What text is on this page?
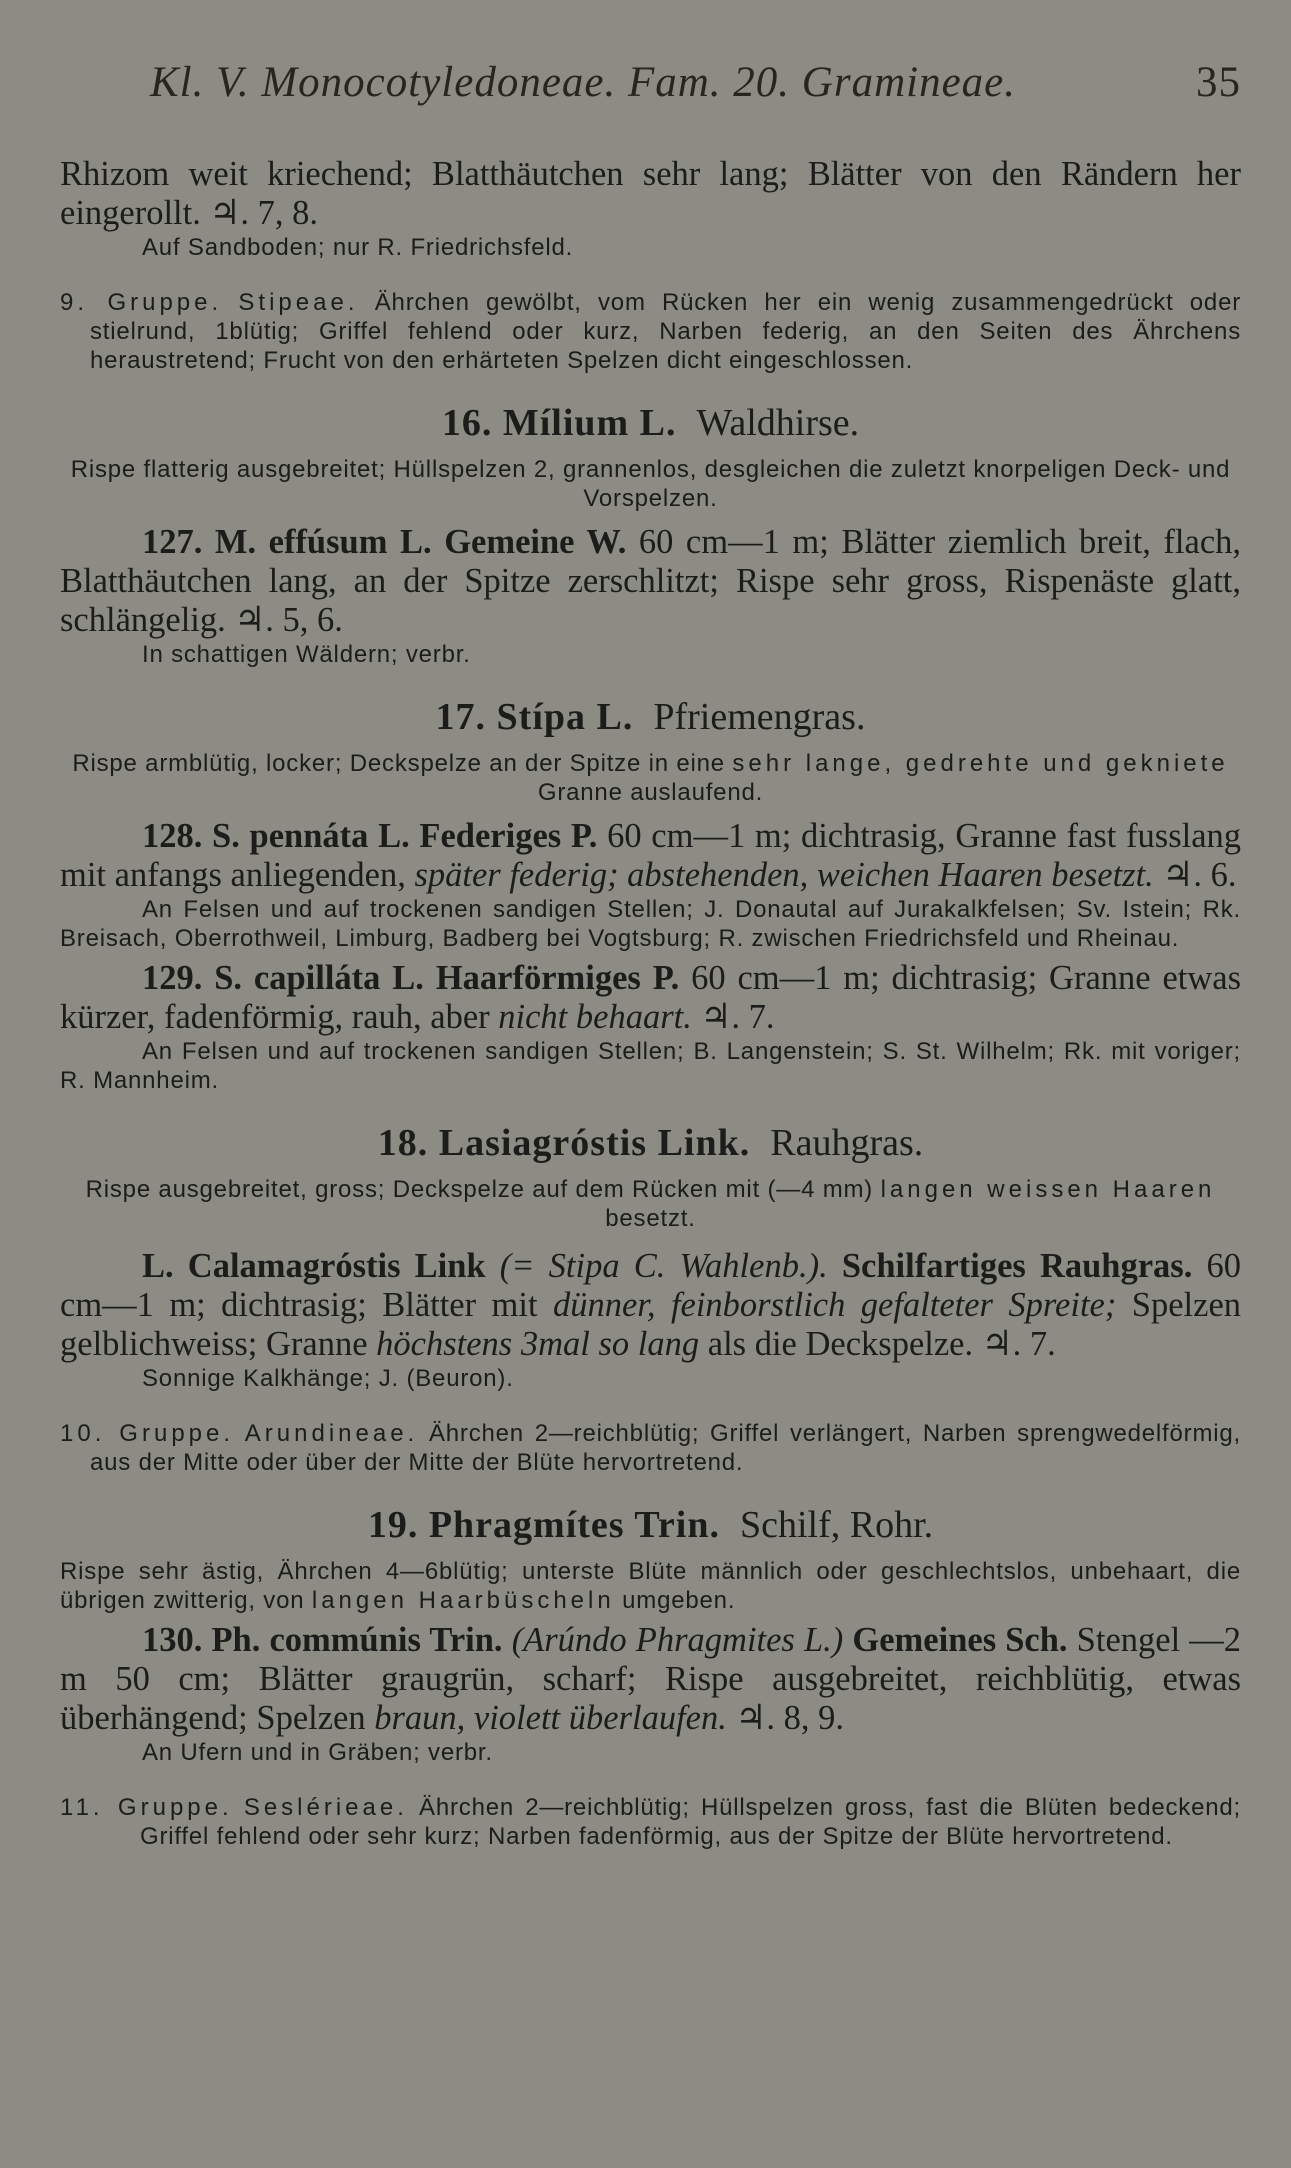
Kl. V. Monocotyledoneae. Fam. 20. Gramineae.	35

Rhizom weit kriechend; Blatthäutchen sehr lang; Blätter von den Rändern her eingerollt. ♃. 7, 8.

Auf Sandboden; nur R. Friedrichsfeld.

9. Gruppe. Stipeae. Ährchen gewölbt, vom Rücken her ein wenig zusammengedrückt oder stielrund, 1blütig; Griffel fehlend oder kurz, Narben federig, an den Seiten des Ährchens heraustretend; Frucht von den erhärteten Spelzen dicht eingeschlossen.

16. Mílium L. Waldhirse.

Rispe flatterig ausgebreitet; Hüllspelzen 2, grannenlos, desgleichen die zuletzt knorpeligen Deck- und Vorspelzen.

127. M. effúsum L. Gemeine W. 60 cm—1 m; Blätter ziemlich breit, flach, Blatthäutchen lang, an der Spitze zerschlitzt; Rispe sehr gross, Rispenäste glatt, schlängelig. ♃. 5, 6.

In schattigen Wäldern; verbr.

17. Stípa L. Pfriemengras.

Rispe armblütig, locker; Deckspelze an der Spitze in eine sehr lange, gedrehte und gekniete Granne auslaufend.

128. S. pennáta L. Federiges P. 60 cm—1 m; dichtrasig, Granne fast fusslang mit anfangs anliegenden, später federig; abstehenden, weichen Haaren besetzt. ♃. 6.

An Felsen und auf trockenen sandigen Stellen; J. Donautal auf Jurakalkfelsen; Sv. Istein; Rk. Breisach, Oberrothweil, Limburg, Badberg bei Vogtsburg; R. zwischen Friedrichsfeld und Rheinau.

129. S. capilláta L. Haarförmiges P. 60 cm—1 m; dichtrasig; Granne etwas kürzer, fadenförmig, rauh, aber nicht behaart. ♃. 7.

An Felsen und auf trockenen sandigen Stellen; B. Langenstein; S. St. Wilhelm; Rk. mit voriger; R. Mannheim.

18. Lasiagróstis Link. Rauhgras.

Rispe ausgebreitet, gross; Deckspelze auf dem Rücken mit (—4 mm) langen weissen Haaren besetzt.

L. Calamagróstis Link (= Stipa C. Wahlenb.). Schilfartiges Rauhgras. 60 cm—1 m; dichtrasig; Blätter mit dünner, feinborstlich gefalteter Spreite; Spelzen gelblichweiss; Granne höchstens 3mal so lang als die Deckspelze. ♃. 7.

Sonnige Kalkhänge; J. (Beuron).

10. Gruppe. Arundineae. Ährchen 2—reichblütig; Griffel verlängert, Narben sprengwedelförmig, aus der Mitte oder über der Mitte der Blüte hervortretend.

19. Phragmítes Trin. Schilf, Rohr.

Rispe sehr ästig, Ährchen 4—6blütig; unterste Blüte männlich oder geschlechtslos, unbehaart, die übrigen zwitterig, von langen Haarbüscheln umgeben.

130. Ph. commúnis Trin. (Arúndo Phragmites L.) Gemeines Sch. Stengel —2 m 50 cm; Blätter graugrün, scharf; Rispe ausgebreitet, reichblütig, etwas überhängend; Spelzen braun, violett überlaufen. ♃. 8, 9.

An Ufern und in Gräben; verbr.

11. Gruppe. Seslérieae. Ährchen 2—reichblütig; Hüllspelzen gross, fast die Blüten bedeckend; Griffel fehlend oder sehr kurz; Narben fadenförmig, aus der Spitze der Blüte hervortretend.
